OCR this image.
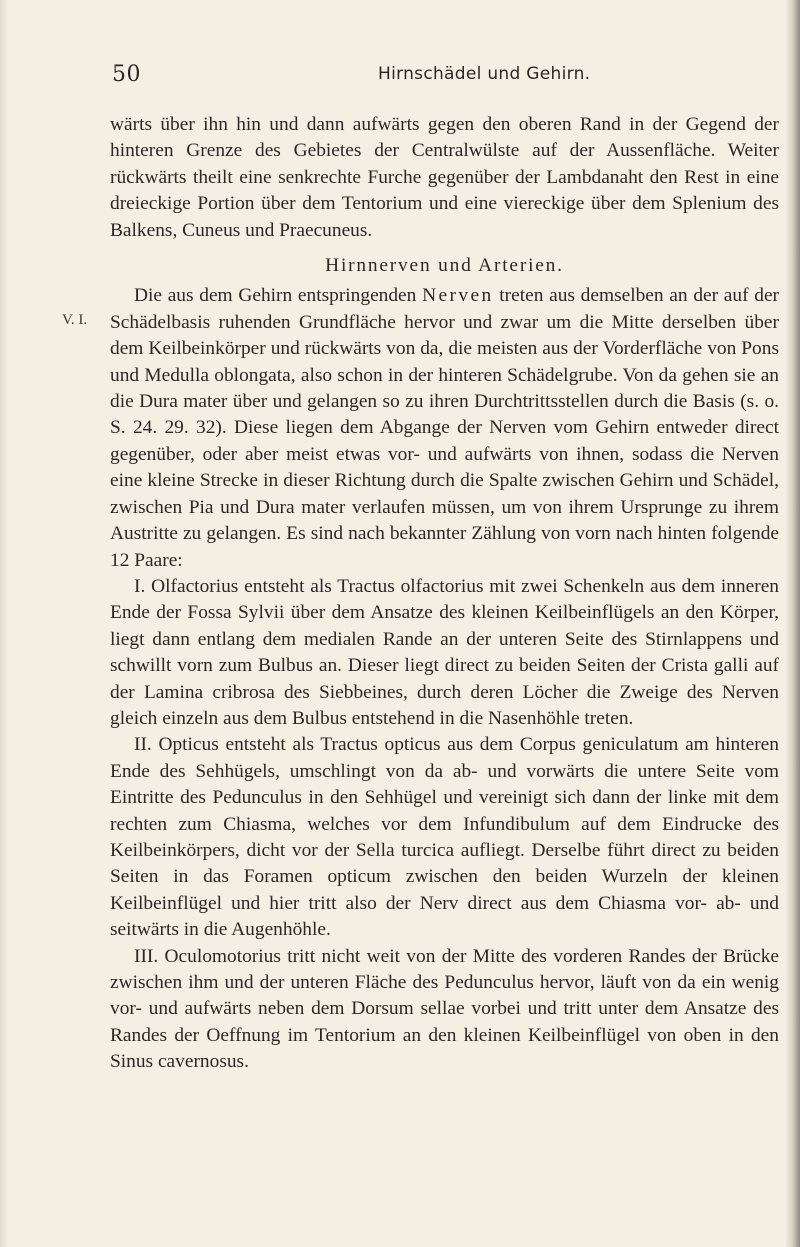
50	Hirnschädel und Gehirn.
V. I.

wärts über ihn hin und dann aufwärts gegen den oberen Rand in der Gegend der hinteren Grenze des Gebietes der Centralwülste auf der Aussenfläche. Weiter rückwärts theilt eine senkrechte Furche gegenüber der Lambdanaht den Rest in eine dreieckige Portion über dem Tentorium und eine viereckige über dem Splenium des Balkens, Cuneus und Praecuneus.

Hirnnerven und Arterien.

Die aus dem Gehirn entspringenden Nerven treten aus demselben an der auf der Schädelbasis ruhenden Grundfläche hervor und zwar um die Mitte derselben über dem Keilbeinkörper und rückwärts von da, die meisten aus der Vorderfläche von Pons und Medulla oblongata, also schon in der hinteren Schädelgrube. Von da gehen sie an die Dura mater über und gelangen so zu ihren Durchtrittsstellen durch die Basis (s. o. S. 24. 29. 32). Diese liegen dem Abgange der Nerven vom Gehirn entweder direct gegenüber, oder aber meist etwas vor- und aufwärts von ihnen, sodass die Nerven eine kleine Strecke in dieser Richtung durch die Spalte zwischen Gehirn und Schädel, zwischen Pia und Dura mater verlaufen müssen, um von ihrem Ursprunge zu ihrem Austritte zu gelangen. Es sind nach bekannter Zählung von vorn nach hinten folgende 12 Paare:

I. Olfactorius entsteht als Tractus olfactorius mit zwei Schenkeln aus dem inneren Ende der Fossa Sylvii über dem Ansatze des kleinen Keilbeinflügels an den Körper, liegt dann entlang dem medialen Rande an der unteren Seite des Stirnlappens und schwillt vorn zum Bulbus an. Dieser liegt direct zu beiden Seiten der Crista galli auf der Lamina cribrosa des Siebbeines, durch deren Löcher die Zweige des Nerven gleich einzeln aus dem Bulbus entstehend in die Nasenhöhle treten.

II. Opticus entsteht als Tractus opticus aus dem Corpus geniculatum am hinteren Ende des Sehhügels, umschlingt von da ab- und vorwärts die untere Seite vom Eintritte des Pedunculus in den Sehhügel und vereinigt sich dann der linke mit dem rechten zum Chiasma, welches vor dem Infundibulum auf dem Eindrucke des Keilbeinkörpers, dicht vor der Sella turcica aufliegt. Derselbe führt direct zu beiden Seiten in das Foramen opticum zwischen den beiden Wurzeln der kleinen Keilbeinflügel und hier tritt also der Nerv direct aus dem Chiasma vor- ab- und seitwärts in die Augenhöhle.

III. Oculomotorius tritt nicht weit von der Mitte des vorderen Randes der Brücke zwischen ihm und der unteren Fläche des Pedunculus hervor, läuft von da ein wenig vor- und aufwärts neben dem Dorsum sellae vorbei und tritt unter dem Ansatze des Randes der Oeffnung im Tentorium an den kleinen Keilbeinflügel von oben in den Sinus cavernosus.
